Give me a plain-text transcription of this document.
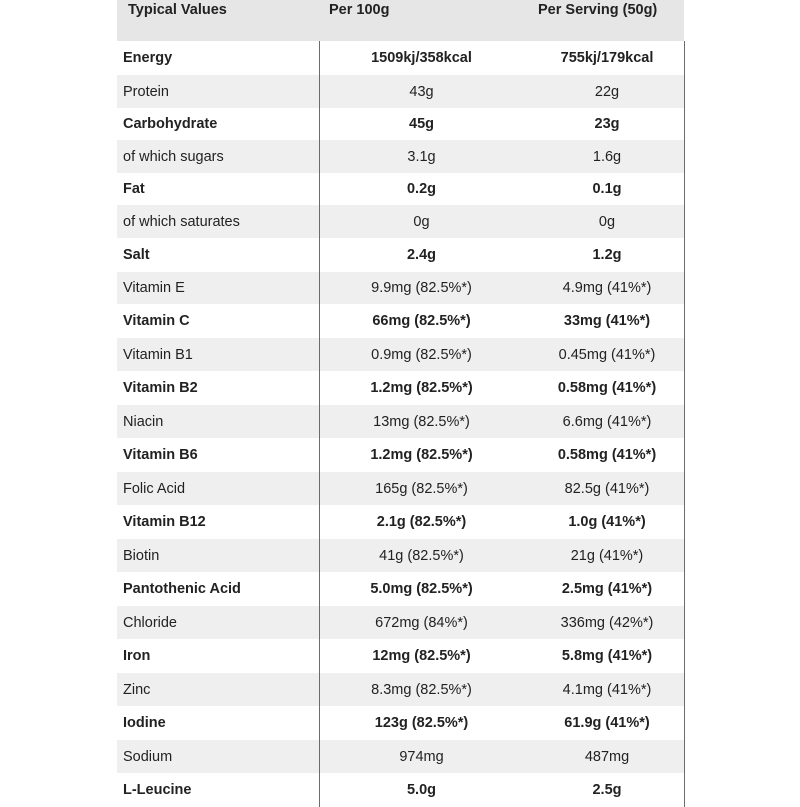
Typical Values	Per 100g	Per Serving (50g)
Energy	1509kj/358kcal	755kj/179kcal
Protein	43g	22g
Carbohydrate	45g	23g
of which sugars	3.1g	1.6g
Fat	0.2g	0.1g
of which saturates	0g	0g
Salt	2.4g	1.2g
Vitamin E	9.9mg (82.5%*)	4.9mg (41%*)
Vitamin C	66mg (82.5%*)	33mg (41%*)
Vitamin B1	0.9mg (82.5%*)	0.45mg (41%*)
Vitamin B2	1.2mg (82.5%*)	0.58mg (41%*)
Niacin	13mg (82.5%*)	6.6mg (41%*)
Vitamin B6	1.2mg (82.5%*)	0.58mg (41%*)
Folic Acid	165g (82.5%*)	82.5g (41%*)
Vitamin B12	2.1g (82.5%*)	1.0g (41%*)
Biotin	41g (82.5%*)	21g (41%*)
Pantothenic Acid	5.0mg (82.5%*)	2.5mg (41%*)
Chloride	672mg (84%*)	336mg (42%*)
Iron	12mg (82.5%*)	5.8mg (41%*)
Zinc	8.3mg (82.5%*)	4.1mg (41%*)
Iodine	123g (82.5%*)	61.9g (41%*)
Sodium	974mg	487mg
L-Leucine	5.0g	2.5g
